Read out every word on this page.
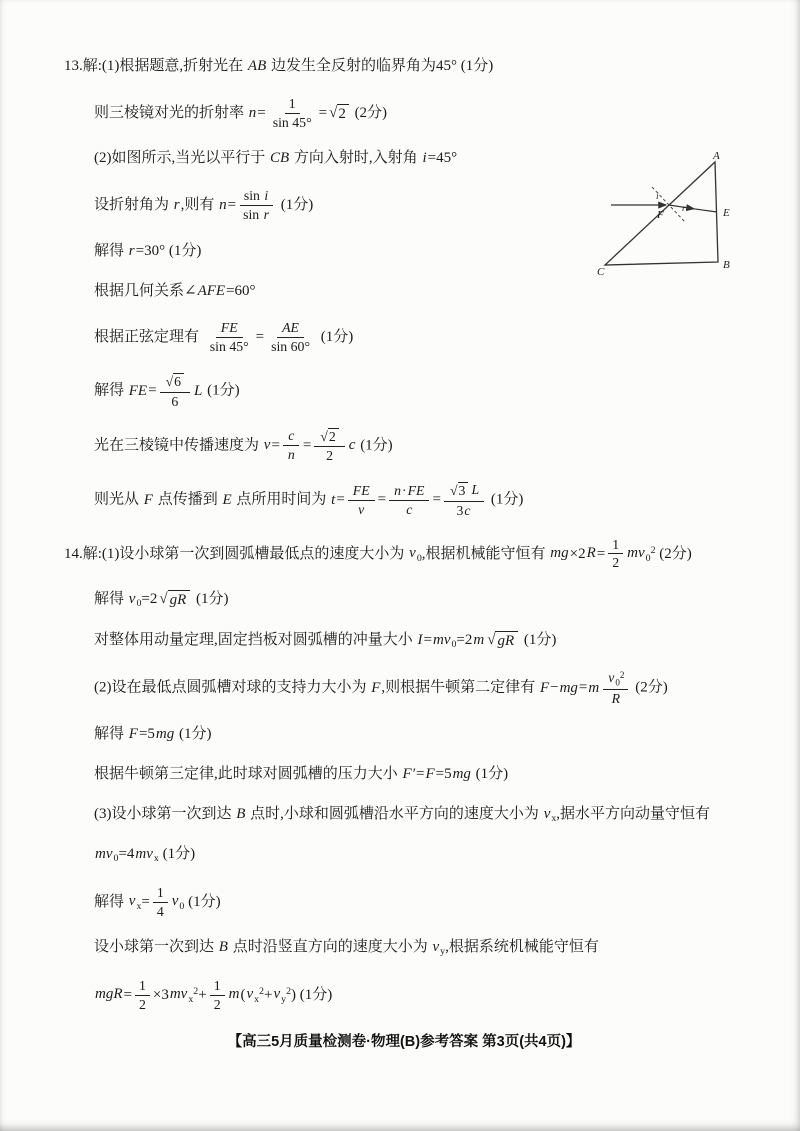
13.解:(1)根据题意,折射光在 AB 边发生全反射的临界角为45° (1分)
则三棱镜对光的折射率 $n= \frac{1}{\sin 45^\circ}$ = √ 2 (2分)
(2)如图所示,当光以平行于 CB 方向入射时,入射角 i=45°
设折射角为 r,则有 $n= \frac{\text{sin i}}{\text{sin r}} (1$分)
解得 r=30° (1分)
根据几何关系∠AFE=60°
根据正弦定理有 $\frac{FE}{\sin 45^\circ} = \frac{AE}{\sin 60^\circ} (1$分)
解得 $FE= \frac{√ 6}{6}$ L (1分)
光在三棱镜中传播速度为 $v= \frac{c}{n} = \frac{√ 2}{2}$ c (1分)
则光从 F 点传播到 E 点所用时间为 $t= \frac{FE}{v} = \frac{n\cdot FE}{c} = \frac{√ 3 L}{3c} (1$分)
14.解:(1)设小球第一次到圆弧槽最低点的速度大小为 $v_0$,根据机械能守恒有 $mg\times 2R= \frac{1}{2} mv_0^2$ (2分)
解得 $v_0=2$ √ gR (1分)
对整体用动量定理,固定挡板对圆弧槽的冲量大小 $I=mv_0=2m$ √ gR (1分)
(2)设在最低点圆弧槽对球的支持力大小为 F,则根据牛顿第二定律有 $F-mg=m \frac{v_0^2}{R} (2$分)
解得 F=5mg (1分)
根据牛顿第三定律,此时球对圆弧槽的压力大小 F′=F=5mg (1分)
(3)设小球第一次到达 B 点时,小球和圆弧槽沿水平方向的速度大小为 $v_x$,据水平方向动量守恒有
$mv_0=4mv_x$ (1分)
解得 $v_x= \frac{1}{4} v_0$ (1分)
设小球第一次到达 B 点时沿竖直方向的速度大小为 $v_y$,根据系统机械能守恒有
$mgR= \frac{1}{2} \times 3mv_x^2+ \frac{1}{2} m(v_x^2+v_y^2)$ (1分)
A
B
C
E
F
i
r
【高三5月质量检测卷·物理(B)参考答案 第3页(共4页)】
